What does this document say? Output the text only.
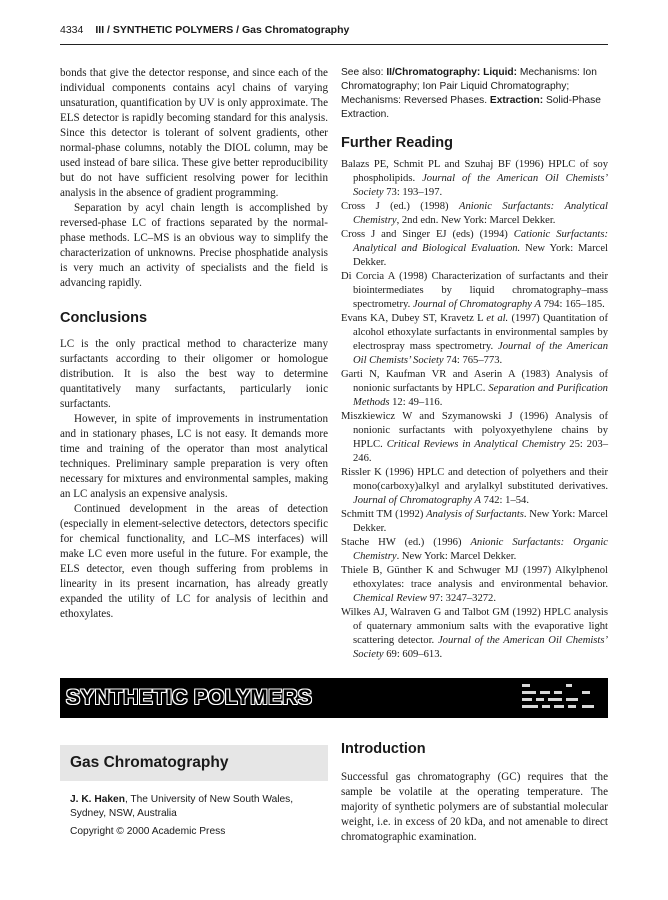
4334 III / SYNTHETIC POLYMERS / Gas Chromatography

bonds that give the detector response, and since each of the individual components contains acyl chains of varying unsaturation, quantification by UV is only approximate. The ELS detector is rapidly becoming standard for this analysis. Since this detector is tolerant of solvent gradients, other normal-phase columns, notably the DIOL column, may be used instead of bare silica. These give better reproducibility but do not have sufficient resolving power for lecithin analysis in the absence of gradient programming.

Separation by acyl chain length is accomplished by reversed-phase LC of fractions separated by the normal-phase methods. LC–MS is an obvious way to simplify the characterization of unknowns. Precise phosphatide analysis is very much an activity of specialists and the field is advancing rapidly.

Conclusions

LC is the only practical method to characterize many surfactants according to their oligomer or homologue distribution. It is also the best way to determine quantitatively many surfactants, particularly ionic surfactants.

However, in spite of improvements in instrumentation and in stationary phases, LC is not easy. It demands more time and training of the operator than most analytical techniques. Preliminary sample preparation is very often necessary for mixtures and environmental samples, making an LC analysis an expensive analysis.

Continued development in the areas of detection (especially in element-selective detectors, detectors specific for chemical functionality, and LC–MS interfaces) will make LC even more useful in the future. For example, the ELS detector, even though suffering from problems in linearity in its present incarnation, has already greatly expanded the utility of LC for analysis of lecithin and ethoxylates.

See also: II/Chromatography: Liquid: Mechanisms: Ion Chromatography; Ion Pair Liquid Chromatography; Mechanisms: Reversed Phases. Extraction: Solid-Phase Extraction.
Further Reading
Balazs PE, Schmit PL and Szuhaj BF (1996) HPLC of soy phospholipids. Journal of the American Oil Chemists’ Society 73: 193–197.
Cross J (ed.) (1998) Anionic Surfactants: Analytical Chemistry, 2nd edn. New York: Marcel Dekker.
Cross J and Singer EJ (eds) (1994) Cationic Surfactants: Analytical and Biological Evaluation. New York: Marcel Dekker.
Di Corcia A (1998) Characterization of surfactants and their biointermediates by liquid chromatography–mass spectrometry. Journal of Chromatography A 794: 165–185.
Evans KA, Dubey ST, Kravetz L et al. (1997) Quantitation of alcohol ethoxylate surfactants in environmental samples by electrospray mass spectrometry. Journal of the American Oil Chemists’ Society 74: 765–773.
Garti N, Kaufman VR and Aserin A (1983) Analysis of nonionic surfactants by HPLC. Separation and Purification Methods 12: 49–116.
Miszkiewicz W and Szymanowski J (1996) Analysis of nonionic surfactants with polyoxyethylene chains by HPLC. Critical Reviews in Analytical Chemistry 25: 203–246.
Rissler K (1996) HPLC and detection of polyethers and their mono(carboxy)alkyl and arylalkyl substituted derivatives. Journal of Chromatography A 742: 1–54.
Schmitt TM (1992) Analysis of Surfactants. New York: Marcel Dekker.
Stache HW (ed.) (1996) Anionic Surfactants: Organic Chemistry. New York: Marcel Dekker.
Thiele B, Günther K and Schwuger MJ (1997) Alkylphenol ethoxylates: trace analysis and environmental behavior. Chemical Review 97: 3247–3272.
Wilkes AJ, Walraven G and Talbot GM (1992) HPLC analysis of quaternary ammonium salts with the evaporative light scattering detector. Journal of the American Oil Chemists’ Society 69: 609–613.
SYNTHETIC POLYMERS
Gas Chromatography
J. K. Haken, The University of New South Wales, Sydney, NSW, Australia
Copyright © 2000 Academic Press
Introduction

Successful gas chromatography (GC) requires that the sample be volatile at the operating temperature. The majority of synthetic polymers are of substantial molecular weight, i.e. in excess of 20 kDa, and not amenable to direct chromatographic examination.
